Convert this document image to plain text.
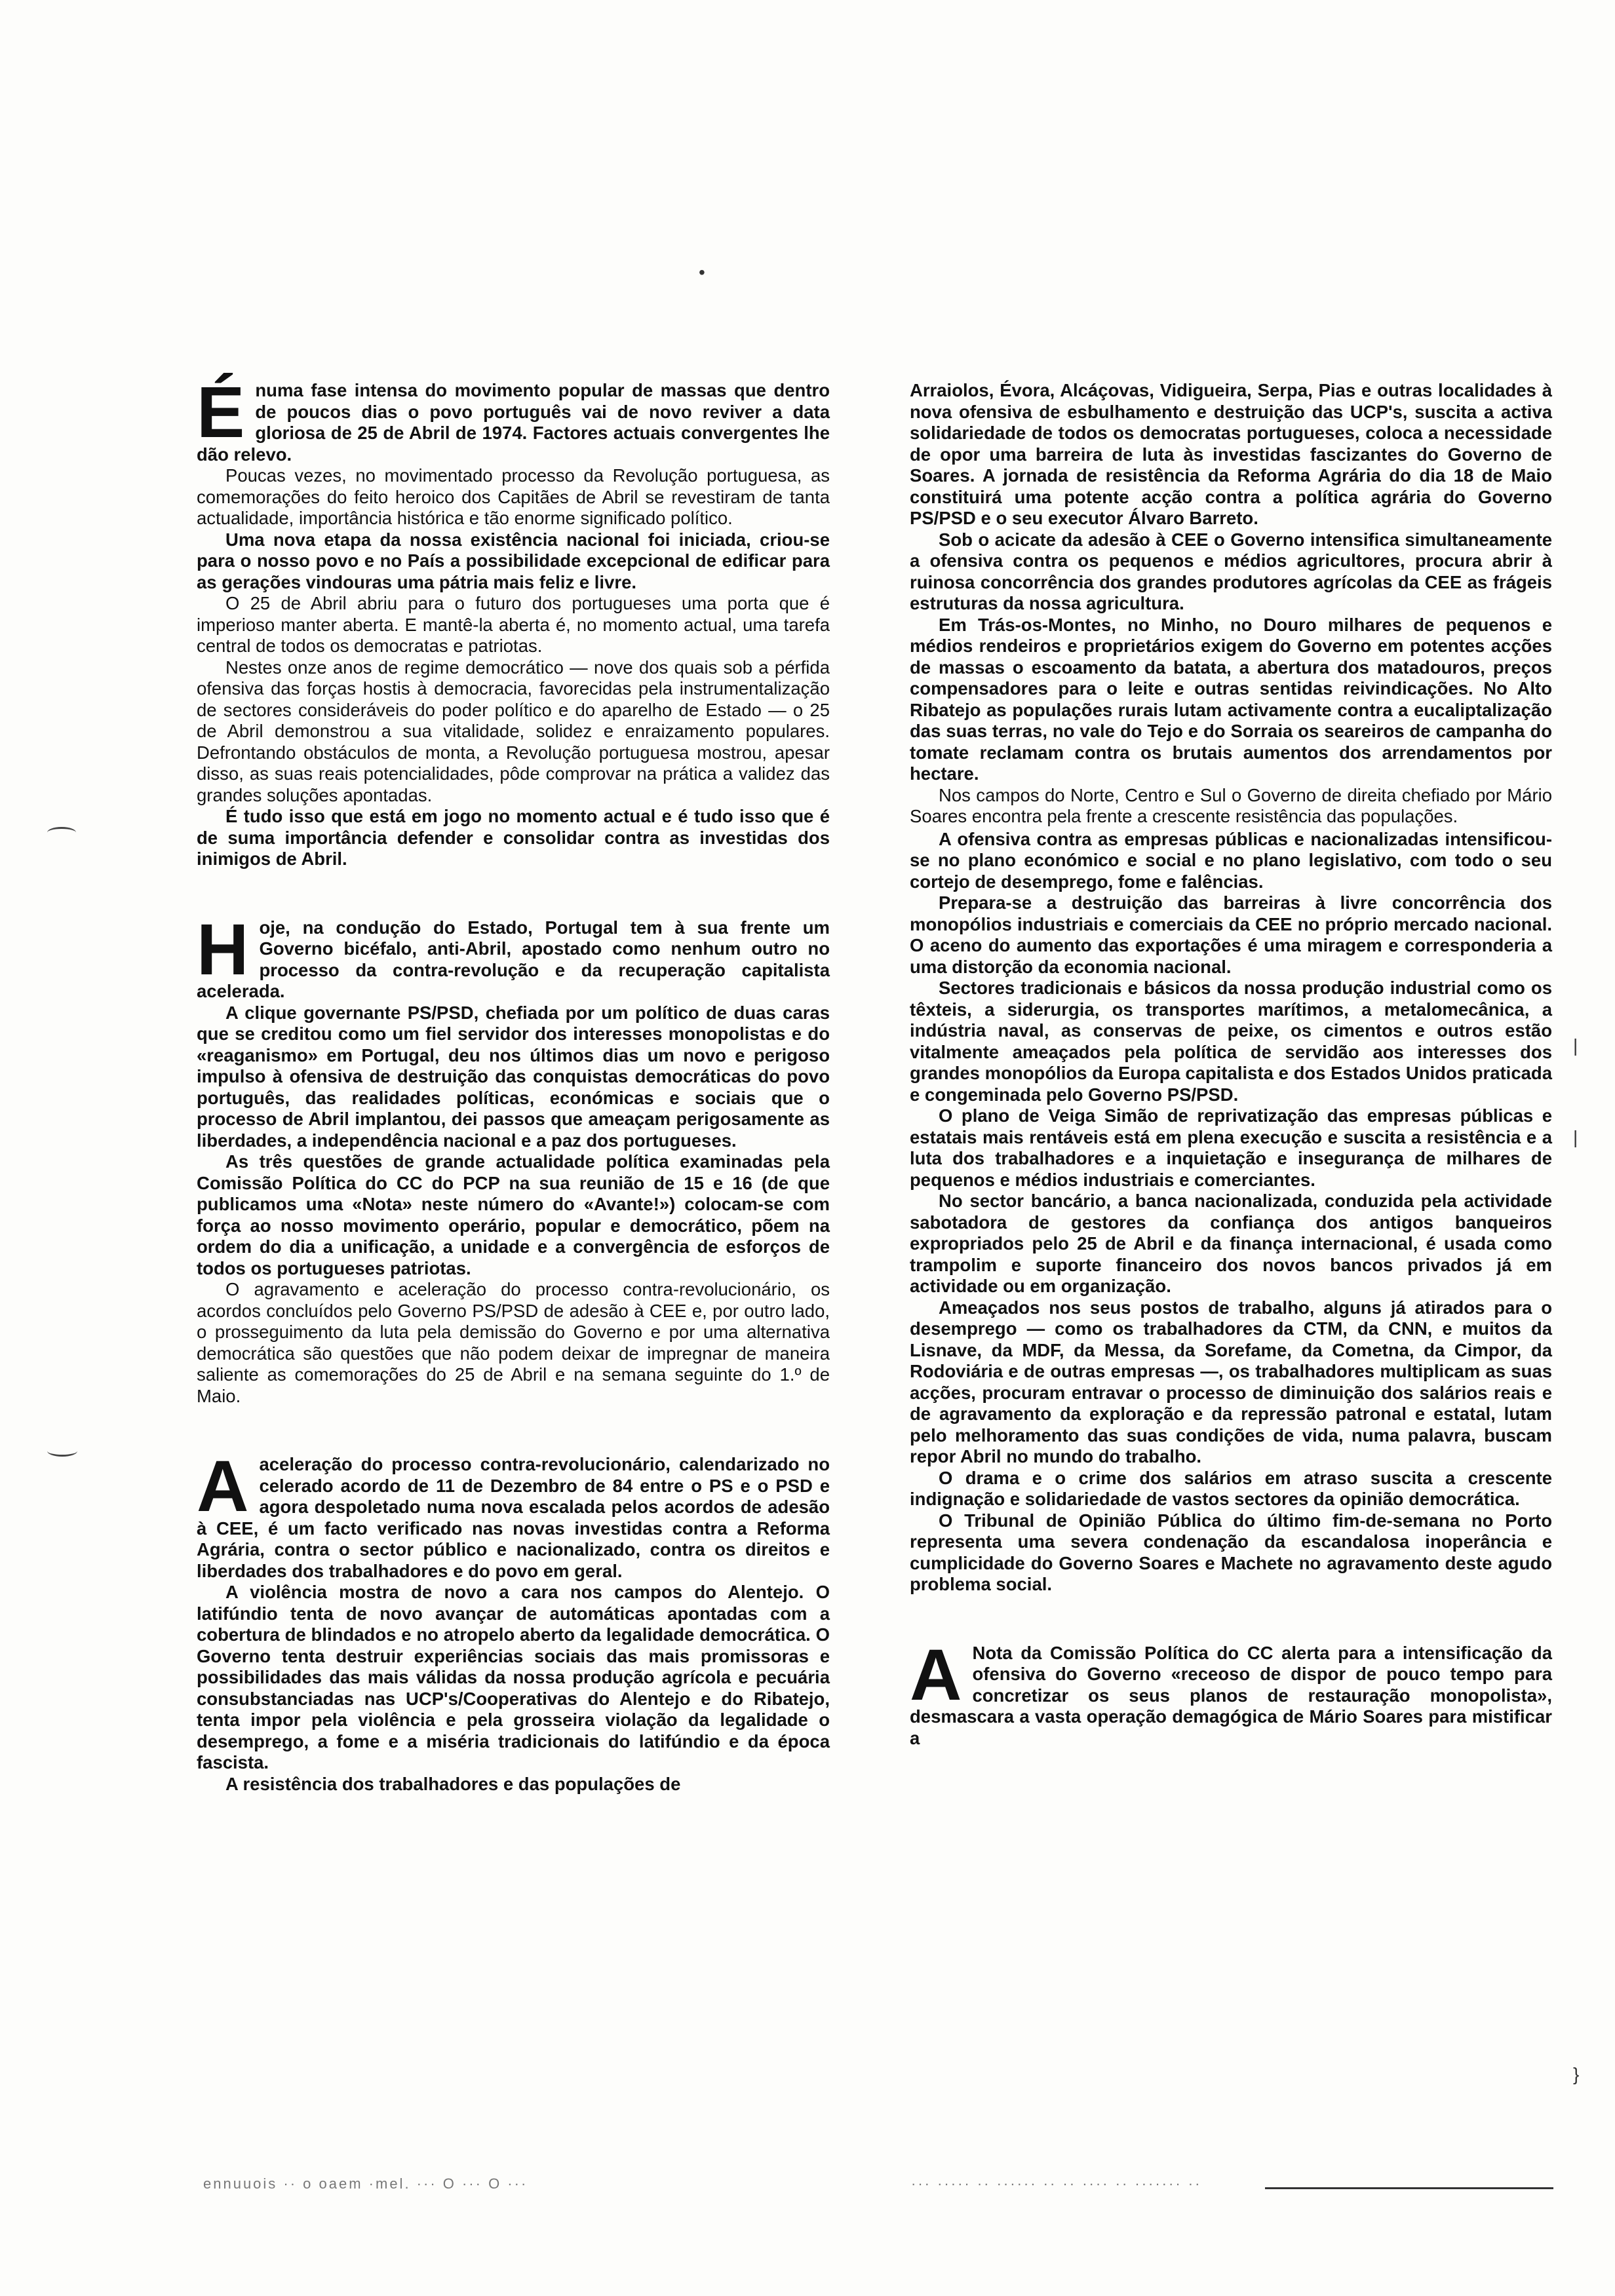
•

Énuma fase intensa do movimento popular de massas que dentro de poucos dias o povo português vai de novo reviver a data gloriosa de 25 de Abril de 1974. Factores actuais convergentes lhe dão relevo.

Poucas vezes, no movimentado processo da Revolução portuguesa, as comemorações do feito heroico dos Capitães de Abril se revestiram de tanta actualidade, importância histórica e tão enorme significado político.

Uma nova etapa da nossa existência nacional foi iniciada, criou-se para o nosso povo e no País a possibilidade excepcional de edificar para as gerações vindouras uma pátria mais feliz e livre.

O 25 de Abril abriu para o futuro dos portugueses uma porta que é imperioso manter aberta. E mantê-la aberta é, no momento actual, uma tarefa central de todos os democratas e patriotas.

Nestes onze anos de regime democrático — nove dos quais sob a pérfida ofensiva das forças hostis à democracia, favorecidas pela instrumentalização de sectores consideráveis do poder político e do aparelho de Estado — o 25 de Abril demonstrou a sua vitalidade, solidez e enraizamento populares. Defrontando obstáculos de monta, a Revolução portuguesa mostrou, apesar disso, as suas reais potencialidades, pôde comprovar na prática a validez das grandes soluções apontadas.

É tudo isso que está em jogo no momento actual e é tudo isso que é de suma importância defender e consolidar contra as investidas dos inimigos de Abril.

Hoje, na condução do Estado, Portugal tem à sua frente um Governo bicéfalo, anti-Abril, apostado como nenhum outro no processo da contra-revolução e da recuperação capitalista acelerada.

A clique governante PS/PSD, chefiada por um político de duas caras que se creditou como um fiel servidor dos interesses monopolistas e do «reaganismo» em Portugal, deu nos últimos dias um novo e perigoso impulso à ofensiva de destruição das conquistas democráticas do povo português, das realidades políticas, económicas e sociais que o processo de Abril implantou, dei passos que ameaçam perigosamente as liberdades, a independência nacional e a paz dos portugueses.

As três questões de grande actualidade política examinadas pela Comissão Política do CC do PCP na sua reunião de 15 e 16 (de que publicamos uma «Nota» neste número do «Avante!») colocam-se com força ao nosso movimento operário, popular e democrático, põem na ordem do dia a unificação, a unidade e a convergência de esforços de todos os portugueses patriotas.

O agravamento e aceleração do processo contra-revolucionário, os acordos concluídos pelo Governo PS/PSD de adesão à CEE e, por outro lado, o prosseguimento da luta pela demissão do Governo e por uma alternativa democrática são questões que não podem deixar de impregnar de maneira saliente as comemorações do 25 de Abril e na semana seguinte do 1.º de Maio.

Aaceleração do processo contra-revolucionário, calendarizado no celerado acordo de 11 de Dezembro de 84 entre o PS e o PSD e agora despoletado numa nova escalada pelos acordos de adesão à CEE, é um facto verificado nas novas investidas contra a Reforma Agrária, contra o sector público e nacionalizado, contra os direitos e liberdades dos trabalhadores e do povo em geral.

A violência mostra de novo a cara nos campos do Alentejo. O latifúndio tenta de novo avançar de automáticas apontadas com a cobertura de blindados e no atropelo aberto da legalidade democrática. O Governo tenta destruir experiências sociais das mais promissoras e possibilidades das mais válidas da nossa produção agrícola e pecuária consubstanciadas nas UCP's/Cooperativas do Alentejo e do Ribatejo, tenta impor pela violência e pela grosseira violação da legalidade o desemprego, a fome e a miséria tradicionais do latifúndio e da época fascista.

A resistência dos trabalhadores e das populações de

Arraiolos, Évora, Alcáçovas, Vidigueira, Serpa, Pias e outras localidades à nova ofensiva de esbulhamento e destruição das UCP's, suscita a activa solidariedade de todos os democratas portugueses, coloca a necessidade de opor uma barreira de luta às investidas fascizantes do Governo de Soares. A jornada de resistência da Reforma Agrária do dia 18 de Maio constituirá uma potente acção contra a política agrária do Governo PS/PSD e o seu executor Álvaro Barreto.

Sob o acicate da adesão à CEE o Governo intensifica simultaneamente a ofensiva contra os pequenos e médios agricultores, procura abrir à ruinosa concorrência dos grandes produtores agrícolas da CEE as frágeis estruturas da nossa agricultura.

Em Trás-os-Montes, no Minho, no Douro milhares de pequenos e médios rendeiros e proprietários exigem do Governo em potentes acções de massas o escoamento da batata, a abertura dos matadouros, preços compensadores para o leite e outras sentidas reivindicações. No Alto Ribatejo as populações rurais lutam activamente contra a eucaliptalização das suas terras, no vale do Tejo e do Sorraia os seareiros de campanha do tomate reclamam contra os brutais aumentos dos arrendamentos por hectare.

Nos campos do Norte, Centro e Sul o Governo de direita chefiado por Mário Soares encontra pela frente a crescente resistência das populações.

A ofensiva contra as empresas públicas e nacionalizadas intensificou-se no plano económico e social e no plano legislativo, com todo o seu cortejo de desemprego, fome e falências.

Prepara-se a destruição das barreiras à livre concorrência dos monopólios industriais e comerciais da CEE no próprio mercado nacional. O aceno do aumento das exportações é uma miragem e corresponderia a uma distorção da economia nacional.

Sectores tradicionais e básicos da nossa produção industrial como os têxteis, a siderurgia, os transportes marítimos, a metalomecânica, a indústria naval, as conservas de peixe, os cimentos e outros estão vitalmente ameaçados pela política de servidão aos interesses dos grandes monopólios da Europa capitalista e dos Estados Unidos praticada e congeminada pelo Governo PS/PSD.

O plano de Veiga Simão de reprivatização das empresas públicas e estatais mais rentáveis está em plena execução e suscita a resistência e a luta dos trabalhadores e a inquietação e insegurança de milhares de pequenos e médios industriais e comerciantes.

No sector bancário, a banca nacionalizada, conduzida pela actividade sabotadora de gestores da confiança dos antigos banqueiros expropriados pelo 25 de Abril e da finança internacional, é usada como trampolim e suporte financeiro dos novos bancos privados já em actividade ou em organização.

Ameaçados nos seus postos de trabalho, alguns já atirados para o desemprego — como os trabalhadores da CTM, da CNN, e muitos da Lisnave, da MDF, da Messa, da Sorefame, da Cometna, da Cimpor, da Rodoviária e de outras empresas —, os trabalhadores multiplicam as suas acções, procuram entravar o processo de diminuição dos salários reais e de agravamento da exploração e da repressão patronal e estatal, lutam pelo melhoramento das suas condições de vida, numa palavra, buscam repor Abril no mundo do trabalho.

O drama e o crime dos salários em atraso suscita a crescente indignação e solidariedade de vastos sectores da opinião democrática.

O Tribunal de Opinião Pública do último fim-de-semana no Porto representa uma severa condenação da escandalosa inoperância e cumplicidade do Governo Soares e Machete no agravamento deste agudo problema social.

ANota da Comissão Política do CC alerta para a intensificação da ofensiva do Governo «receoso de dispor de pouco tempo para concretizar os seus planos de restauração monopolista», desmascara a vasta operação demagógica de Mário Soares para mistificar a

|
|
}
ennuuois ·· o oaem ·mel. ··· O ··· O ···	··· ····· ·· ······ ·· ·· ···· ·· ······· ··
